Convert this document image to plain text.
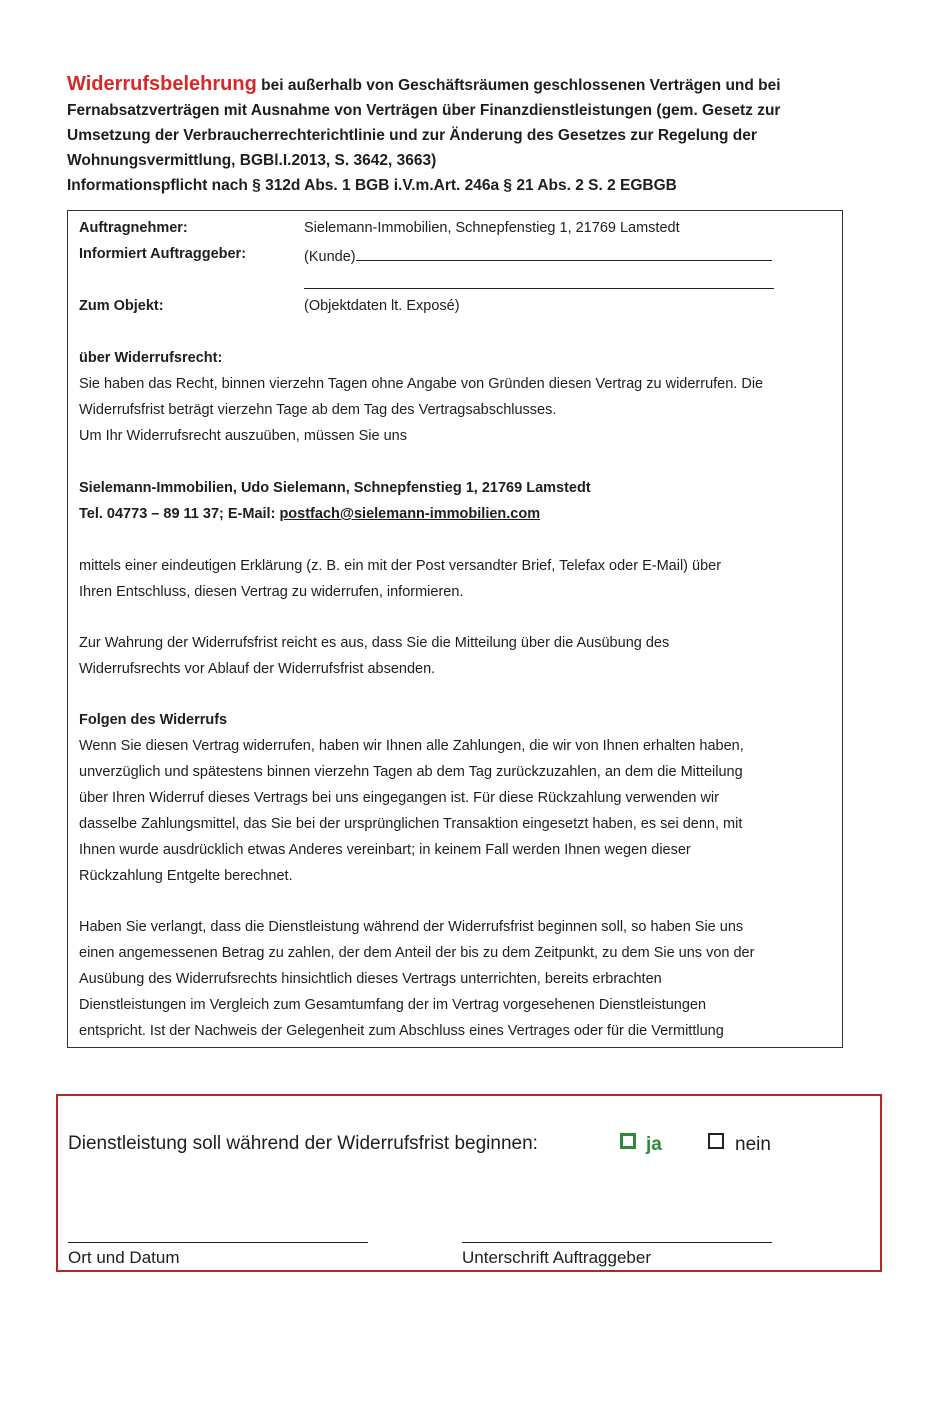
Widerrufsbelehrung bei außerhalb von Geschäftsräumen geschlossenen Verträgen und bei

Fernabsatzverträgen mit Ausnahme von Verträgen über Finanzdienstleistungen (gem. Gesetz zur

Umsetzung der Verbraucherrechterichtlinie und zur Änderung des Gesetzes zur Regelung der

Wohnungsvermittlung, BGBl.I.2013, S. 3642, 3663)

Informationspflicht nach § 312d Abs. 1 BGB i.V.m.Art. 246a § 21 Abs. 2 S. 2 EGBGB

Auftragnehmer:	Sielemann-Immobilien, Schnepfenstieg 1, 21769 Lamstedt
Informiert Auftraggeber:	(Kunde)
Zum Objekt:	(Objektdaten lt. Exposé)

über Widerrufsrecht:

Sie haben das Recht, binnen vierzehn Tagen ohne Angabe von Gründen diesen Vertrag zu widerrufen. Die
Widerrufsfrist beträgt vierzehn Tage ab dem Tag des Vertragsabschlusses.
Um Ihr Widerrufsrecht auszuüben, müssen Sie uns
Sielemann-Immobilien, Udo Sielemann, Schnepfenstieg 1, 21769 Lamstedt
Tel. 04773 – 89 11 37; E-Mail: postfach@sielemann-immobilien.com
mittels einer eindeutigen Erklärung (z. B. ein mit der Post versandter Brief, Telefax oder E-Mail) über
Ihren Entschluss, diesen Vertrag zu widerrufen, informieren.
Zur Wahrung der Widerrufsfrist reicht es aus, dass Sie die Mitteilung über die Ausübung des
Widerrufsrechts vor Ablauf der Widerrufsfrist absenden.

Folgen des Widerrufs

Wenn Sie diesen Vertrag widerrufen, haben wir Ihnen alle Zahlungen, die wir von Ihnen erhalten haben,
unverzüglich und spätestens binnen vierzehn Tagen ab dem Tag zurückzuzahlen, an dem die Mitteilung
über Ihren Widerruf dieses Vertrags bei uns eingegangen ist. Für diese Rückzahlung verwenden wir
dasselbe Zahlungsmittel, das Sie bei der ursprünglichen Transaktion eingesetzt haben, es sei denn, mit
Ihnen wurde ausdrücklich etwas Anderes vereinbart; in keinem Fall werden Ihnen wegen dieser
Rückzahlung Entgelte berechnet.
Haben Sie verlangt, dass die Dienstleistung während der Widerrufsfrist beginnen soll, so haben Sie uns
einen angemessenen Betrag zu zahlen, der dem Anteil der bis zu dem Zeitpunkt, zu dem Sie uns von der
Ausübung des Widerrufsrechts hinsichtlich dieses Vertrags unterrichten, bereits erbrachten
Dienstleistungen im Vergleich zum Gesamtumfang der im Vertrag vorgesehenen Dienstleistungen
entspricht. Ist der Nachweis der Gelegenheit zum Abschluss eines Vertrages oder für die Vermittlung
Dienstleistung soll während der Widerrufsfrist beginnen:	ja	nein
Ort und Datum	Unterschrift Auftraggeber
